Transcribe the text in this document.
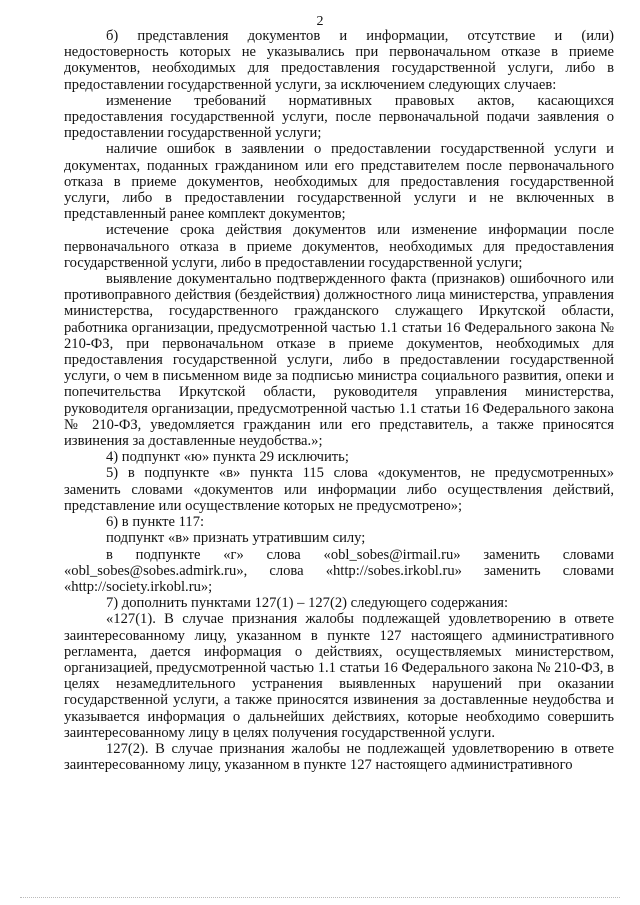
2

б) представления документов и информации, отсутствие и (или) недостоверность которых не указывались при первоначальном отказе в приеме документов, необходимых для предоставления государственной услуги, либо в предоставлении государственной услуги, за исключением следующих случаев:

изменение требований нормативных правовых актов, касающихся предоставления государственной услуги, после первоначальной подачи заявления о предоставлении государственной услуги;

наличие ошибок в заявлении о предоставлении государственной услуги и документах, поданных гражданином или его представителем после первоначального отказа в приеме документов, необходимых для предоставления государственной услуги, либо в предоставлении государственной услуги и не включенных в представленный ранее комплект документов;

истечение срока действия документов или изменение информации после первоначального отказа в приеме документов, необходимых для предоставления государственной услуги, либо в предоставлении государственной услуги;

выявление документально подтвержденного факта (признаков) ошибочного или противоправного действия (бездействия) должностного лица министерства, управления министерства, государственного гражданского служащего Иркутской области, работника организации, предусмотренной частью 1.1 статьи 16 Федерального закона № 210-ФЗ, при первоначальном отказе в приеме документов, необходимых для предоставления государственной услуги, либо в предоставлении государственной услуги, о чем в письменном виде за подписью министра социального развития, опеки и попечительства Иркутской области, руководителя управления министерства, руководителя организации, предусмотренной частью 1.1 статьи 16 Федерального закона № 210-ФЗ, уведомляется гражданин или его представитель, а также приносятся извинения за доставленные неудобства.»;

4) подпункт «ю» пункта 29 исключить;

5) в подпункте «в» пункта 115 слова «документов, не предусмотренных» заменить словами «документов или информации либо осуществления действий, представление или осуществление которых не предусмотрено»;

6) в пункте 117:

подпункт «в» признать утратившим силу;

в подпункте «г» слова «obl_sobes@irmail.ru» заменить словами «obl_sobes@sobes.admirk.ru», слова «http://sobes.irkobl.ru» заменить словами «http://society.irkobl.ru»;

7) дополнить пунктами 127(1) – 127(2) следующего содержания:

«127(1). В случае признания жалобы подлежащей удовлетворению в ответе заинтересованному лицу, указанном в пункте 127 настоящего административного регламента, дается информация о действиях, осуществляемых министерством, организацией, предусмотренной частью 1.1 статьи 16 Федерального закона № 210-ФЗ, в целях незамедлительного устранения выявленных нарушений при оказании государственной услуги, а также приносятся извинения за доставленные неудобства и указывается информация о дальнейших действиях, которые необходимо совершить заинтересованному лицу в целях получения государственной услуги.

127(2). В случае признания жалобы не подлежащей удовлетворению в ответе заинтересованному лицу, указанном в пункте 127 настоящего административного
